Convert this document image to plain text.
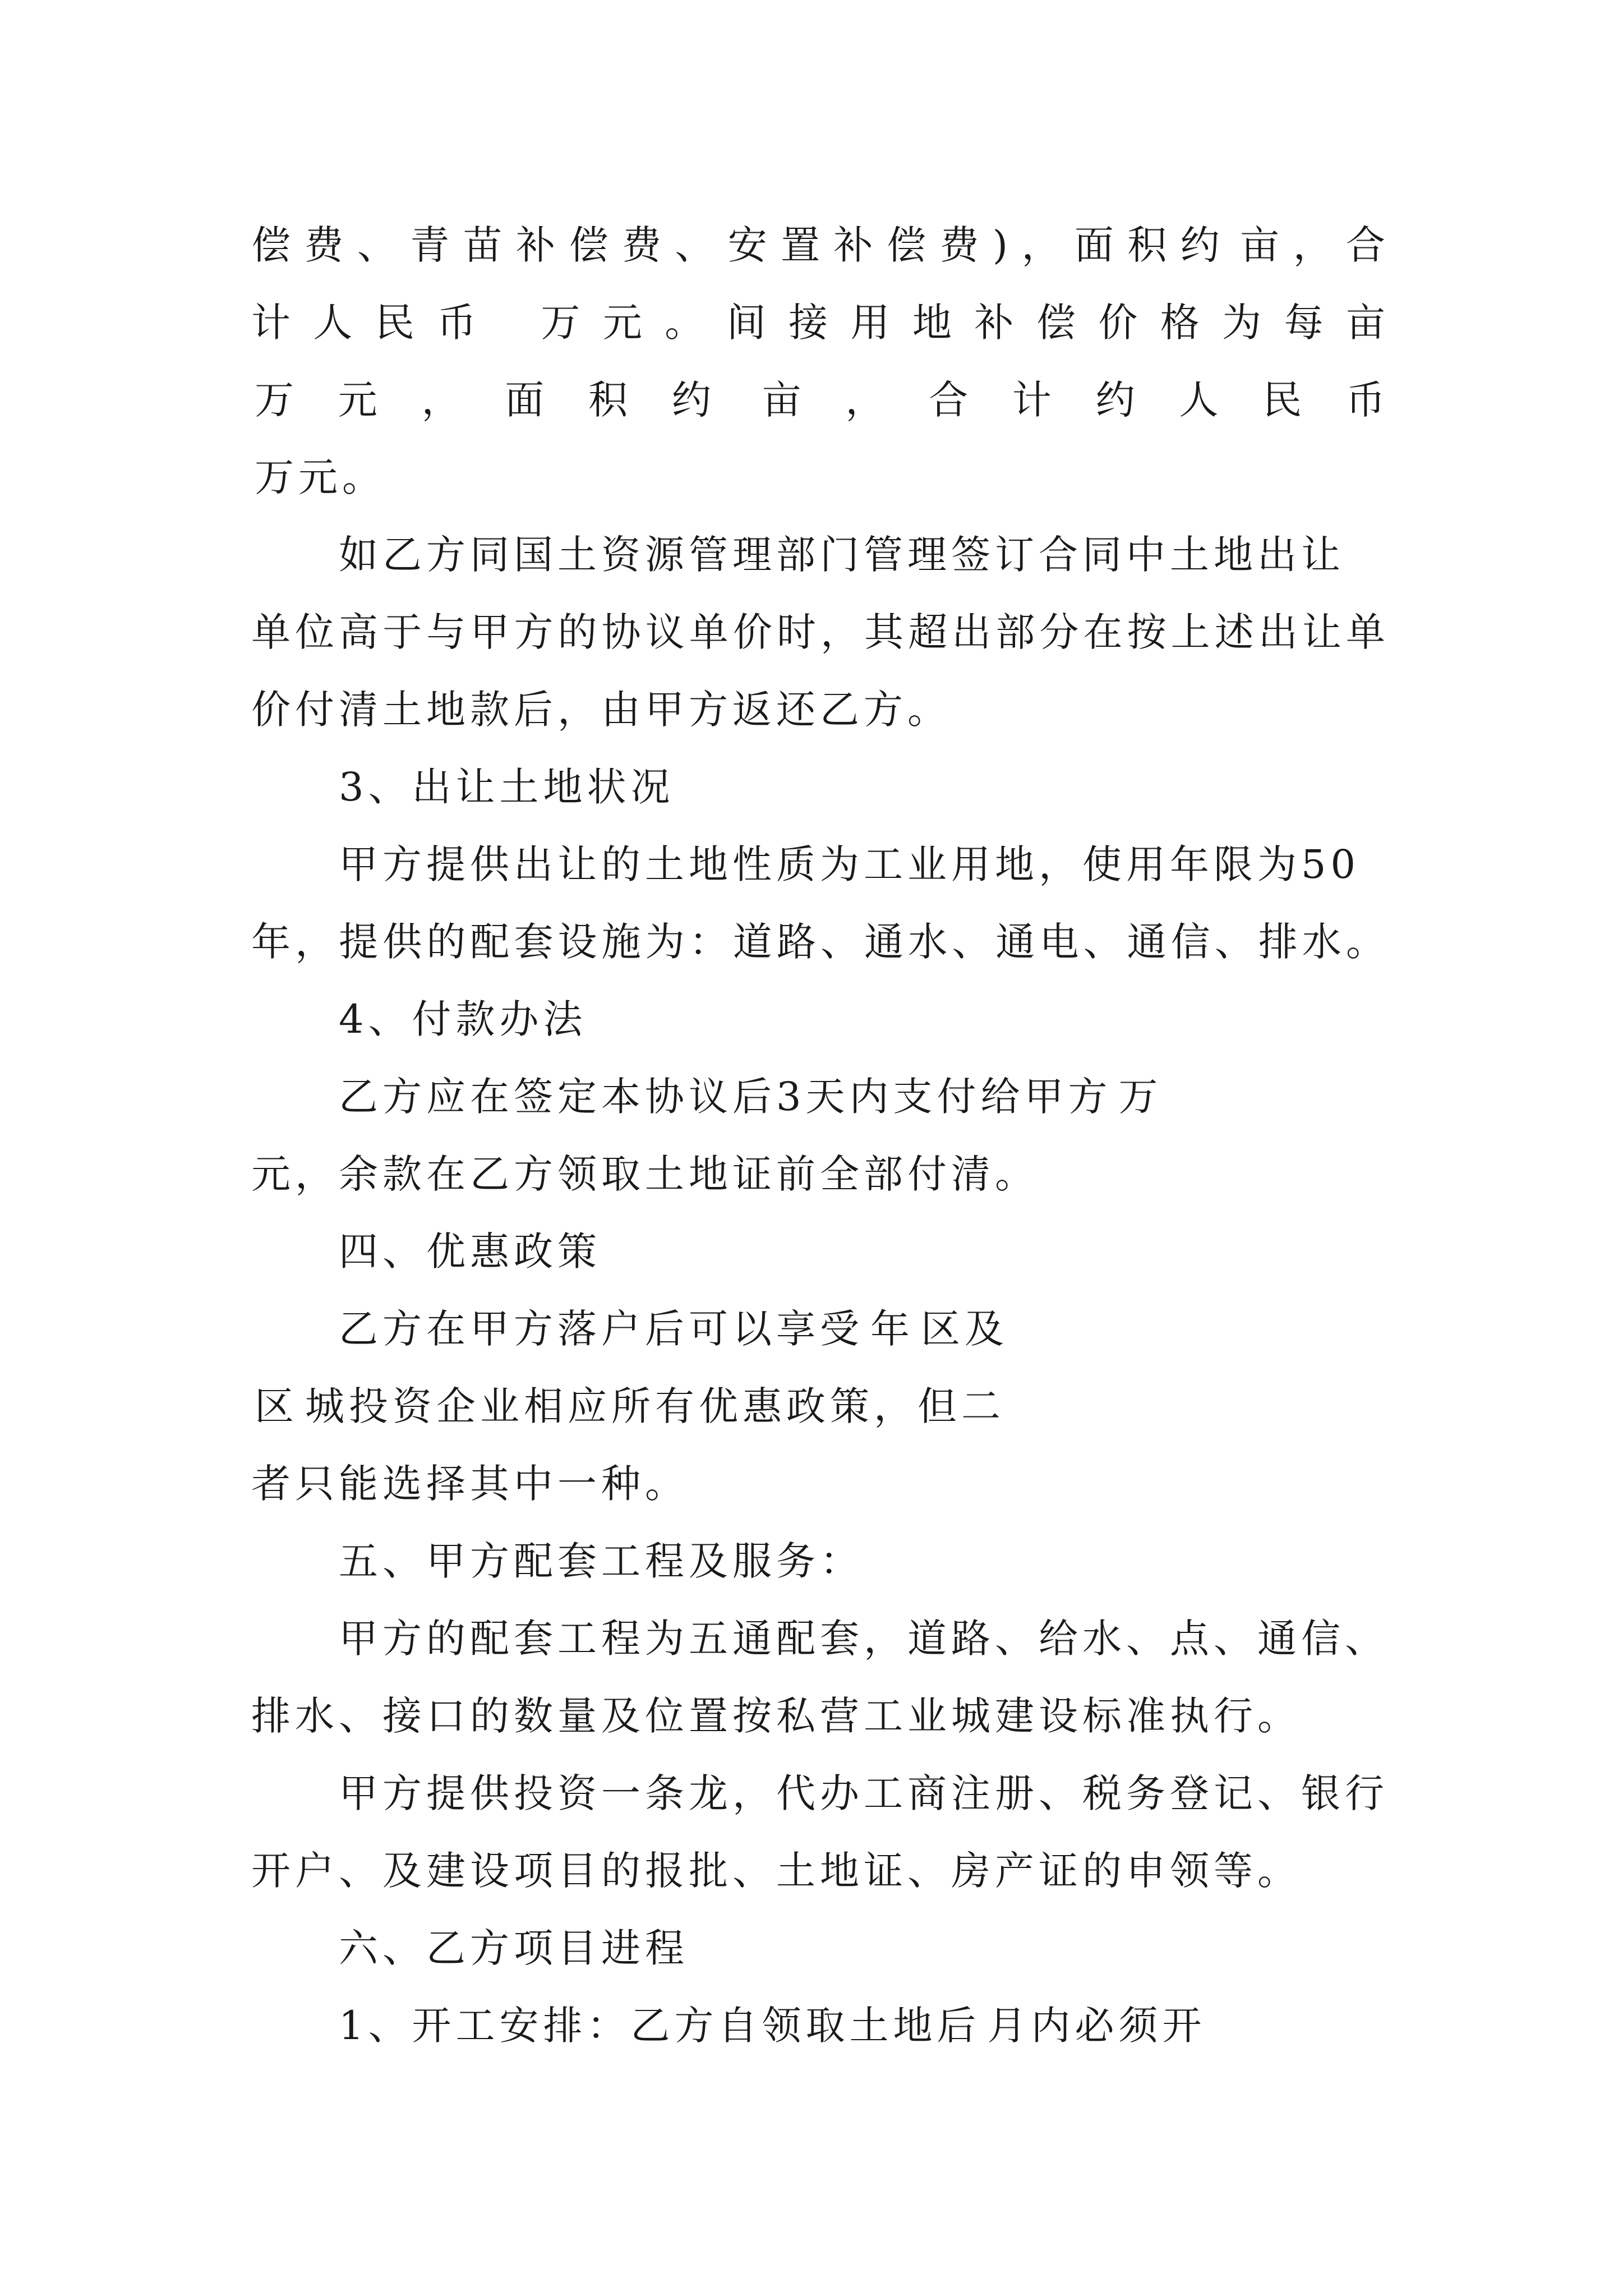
偿费、青苗补偿费、安置补偿费)，面积约 亩，合
计人民币 万元。间接用地补偿价格为每亩
万元，面积约 亩，合计约人民币
万元。
如乙方同国土资源管理部门管理签订合同中土地出让
单位高于与甲方的协议单价时，其超出部分在按上述出让单
价付清土地款后，由甲方返还乙方。
3、出让土地状况
甲方提供出让的土地性质为工业用地，使用年限为50
年，提供的配套设施为：道路、通水、通电、通信、排水。
4、付款办法
乙方应在签定本协议后3天内支付给甲方 万
元，余款在乙方领取土地证前全部付清。
四、优惠政策
乙方在甲方落户后可以享受 年 区及
区 城投资企业相应所有优惠政策，但二
者只能选择其中一种。
五、甲方配套工程及服务：
甲方的配套工程为五通配套，道路、给水、点、通信、
排水、接口的数量及位置按私营工业城建设标准执行。
甲方提供投资一条龙，代办工商注册、税务登记、银行
开户、及建设项目的报批、土地证、房产证的申领等。
六、乙方项目进程
1、开工安排：乙方自领取土地后 月内必须开
